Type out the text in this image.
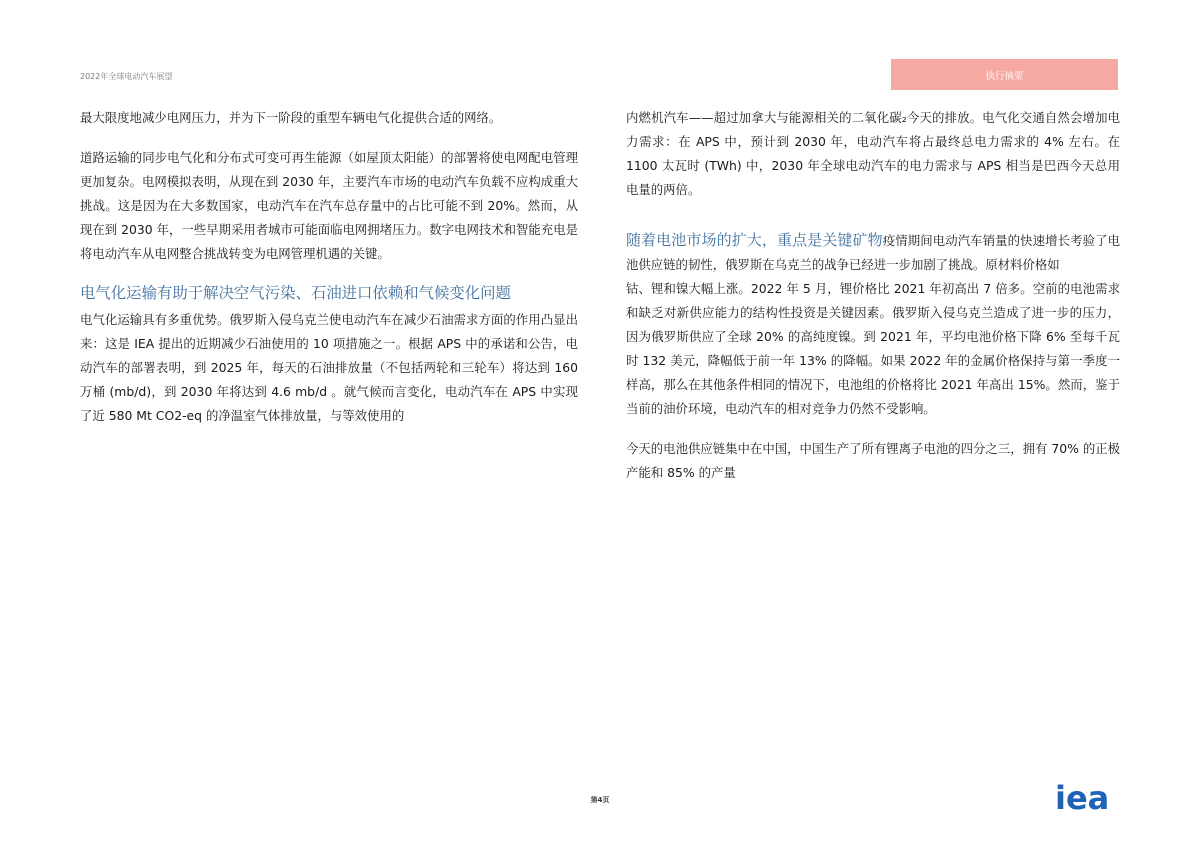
2022年全球电动汽车展望	执行摘要

最大限度地减少电网压力，并为下一阶段的重型车辆电气化提供合适的网络。

道路运输的同步电气化和分布式可变可再生能源（如屋顶太阳能）的部署将使电网配电管理更加复杂。电网模拟表明，从现在到 2030 年，主要汽车市场的电动汽车负载不应构成重大挑战。这是因为在大多数国家，电动汽车在汽车总存量中的占比可能不到 20%。然而，从现在到 2030 年，一些早期采用者城市可能面临电网拥堵压力。数字电网技术和智能充电是将电动汽车从电网整合挑战转变为电网管理机遇的关键。

电气化运输有助于解决空气污染、石油进口依赖和气候变化问题

电气化运输具有多重优势。俄罗斯入侵乌克兰使电动汽车在减少石油需求方面的作用凸显出来：这是 IEA 提出的近期减少石油使用的 10 项措施之一。根据 APS 中的承诺和公告，电动汽车的部署表明，到 2025 年，每天的石油排放量（不包括两轮和三轮车）将达到 160 万桶 (mb/d)，到 2030 年将达到 4.6 mb/d 。就气候而言变化，电动汽车在 APS 中实现了近 580 Mt CO2-eq 的净温室气体排放量，与等效使用的

内燃机汽车——超过加拿大与能源相关的二氧化碳₂今天的排放。电气化交通自然会增加电力需求：在 APS 中，预计到 2030 年，电动汽车将占最终总电力需求的 4% 左右。在 1100 太瓦时 (TWh) 中，2030 年全球电动汽车的电力需求与 APS 相当是巴西今天总用电量的两倍。

随着电池市场的扩大，重点是关键矿物疫情期间电动汽车销量的快速增长考验了电池供应链的韧性，俄罗斯在乌克兰的战争已经进一步加剧了挑战。原材料价格如
钴、锂和镍大幅上涨。2022 年 5 月，锂价格比 2021 年初高出 7 倍多。空前的电池需求和缺乏对新供应能力的结构性投资是关键因素。俄罗斯入侵乌克兰造成了进一步的压力，因为俄罗斯供应了全球 20% 的高纯度镍。到 2021 年，平均电池价格下降 6% 至每千瓦时 132 美元，降幅低于前一年 13% 的降幅。如果 2022 年的金属价格保持与第一季度一样高，那么在其他条件相同的情况下，电池组的价格将比 2021 年高出 15%。然而，鉴于当前的油价环境，电动汽车的相对竞争力仍然不受影响。

今天的电池供应链集中在中国，中国生产了所有锂离子电池的四分之三，拥有 70% 的正极产能和 85% 的产量

第4页	iea
